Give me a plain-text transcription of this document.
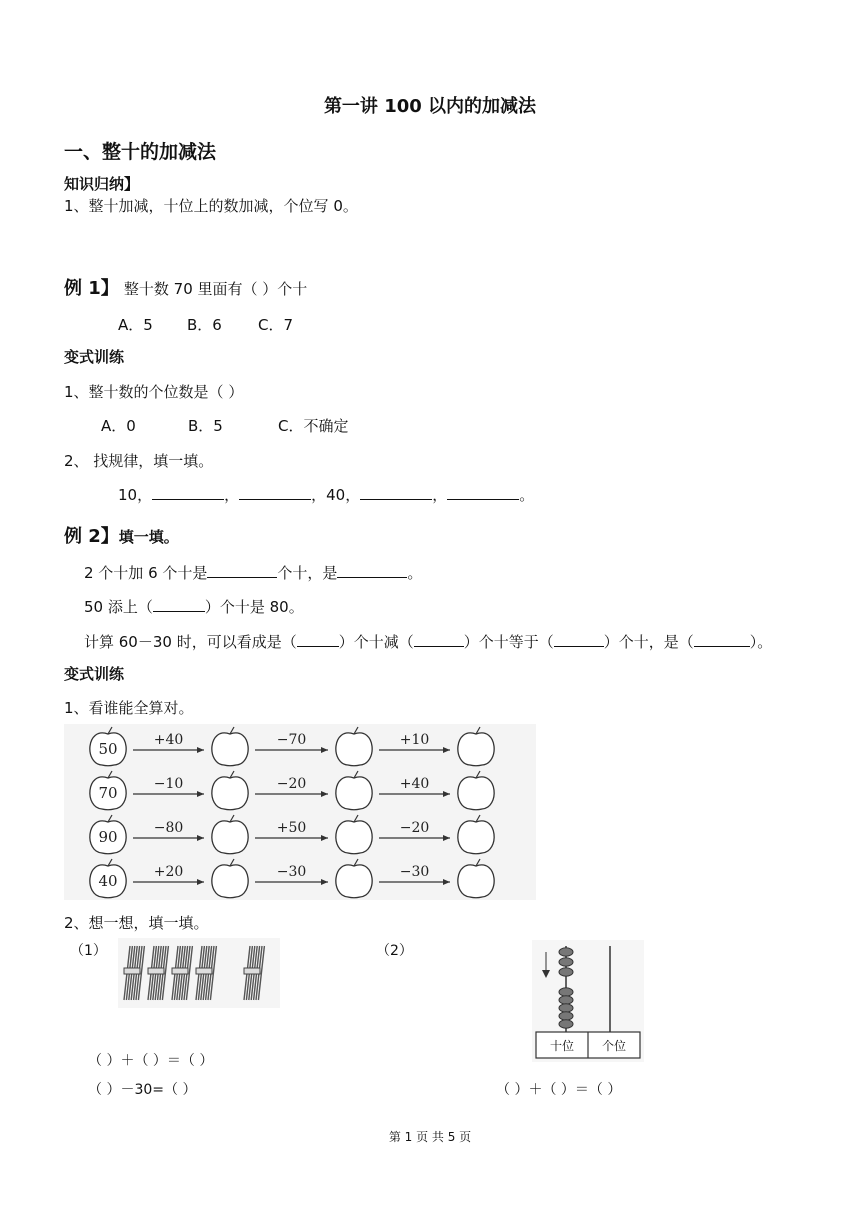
第一讲 100 以内的加减法
一、整十的加减法
知识归纳】
1、整十加减，十位上的数加减，个位写 0。
例 1】 整十数 70 里面有（ ）个十
A．5 B．6 C．7
变式训练
1、整十数的个位数是（ ）
A．0	B．5	C．不确定
2、 找规律，填一填。
10，	，	，40，	，	。
例 2】填一填。
2 个十加 6 个十是	个十，是	。
50 添上（	）个十是 80。
计算 60－30 时，可以看成是（	）个十减（	）个十等于（	）个十，是（	）。
变式训练
1、看谁能全算对。
50	+40	−70	+10
70	−10	−20	+40
90	−80	+50	−20
40	+20	−30	−30
2、想一想，填一填。
（1）	（2）
十位 个位
（ ）＋（ ）＝（ ）
（ ）－30=（ ）	（ ）＋（ ）＝（ ）
第 1 页 共 5 页
